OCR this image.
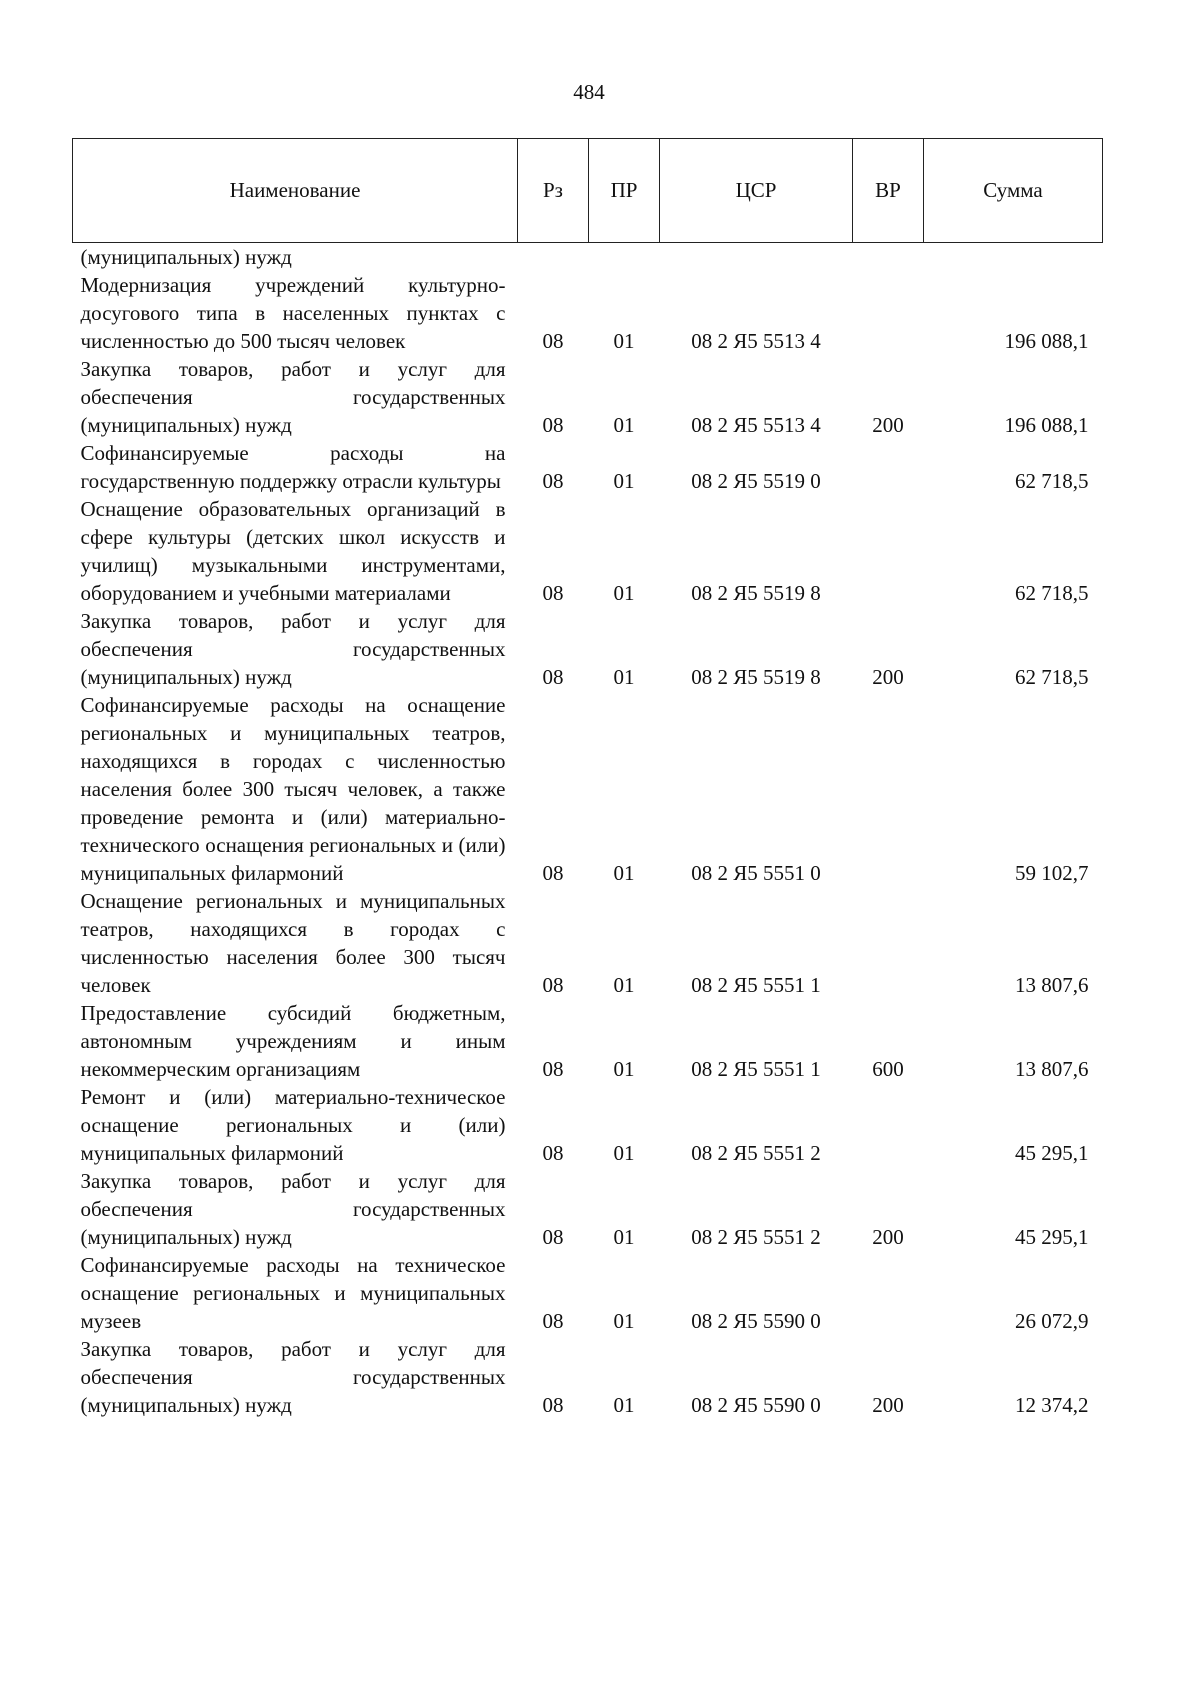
484
Наименование	Рз	ПР	ЦСР	ВР	Сумма
(муниципальных) нужд					
Модернизация учреждений культурно-досугового типа в населенных пунктах с численностью до 500 тысяч человек	08	01	08 2 Я5 5513 4		196 088,1
Закупка товаров, работ и услуг для обеспечения государственных (муниципальных) нужд	08	01	08 2 Я5 5513 4	200	196 088,1
Софинансируемые расходы на государственную поддержку отрасли культуры	08	01	08 2 Я5 5519 0		62 718,5
Оснащение образовательных организаций в сфере культуры (детских школ искусств и училищ) музыкальными инструментами, оборудованием и учебными материалами	08	01	08 2 Я5 5519 8		62 718,5
Закупка товаров, работ и услуг для обеспечения государственных (муниципальных) нужд	08	01	08 2 Я5 5519 8	200	62 718,5
Софинансируемые расходы на оснащение региональных и муниципальных театров, находящихся в городах с численностью населения более 300 тысяч человек, а также проведение ремонта и (или) материально-технического оснащения региональных и (или) муниципальных филармоний	08	01	08 2 Я5 5551 0		59 102,7
Оснащение региональных и муниципальных театров, находящихся в городах с численностью населения более 300 тысяч человек	08	01	08 2 Я5 5551 1		13 807,6
Предоставление субсидий бюджетным, автономным учреждениям и иным некоммерческим организациям	08	01	08 2 Я5 5551 1	600	13 807,6
Ремонт и (или) материально-техническое оснащение региональных и (или) муниципальных филармоний	08	01	08 2 Я5 5551 2		45 295,1
Закупка товаров, работ и услуг для обеспечения государственных (муниципальных) нужд	08	01	08 2 Я5 5551 2	200	45 295,1
Софинансируемые расходы на техническое оснащение региональных и муниципальных музеев	08	01	08 2 Я5 5590 0		26 072,9
Закупка товаров, работ и услуг для обеспечения государственных (муниципальных) нужд	08	01	08 2 Я5 5590 0	200	12 374,2
